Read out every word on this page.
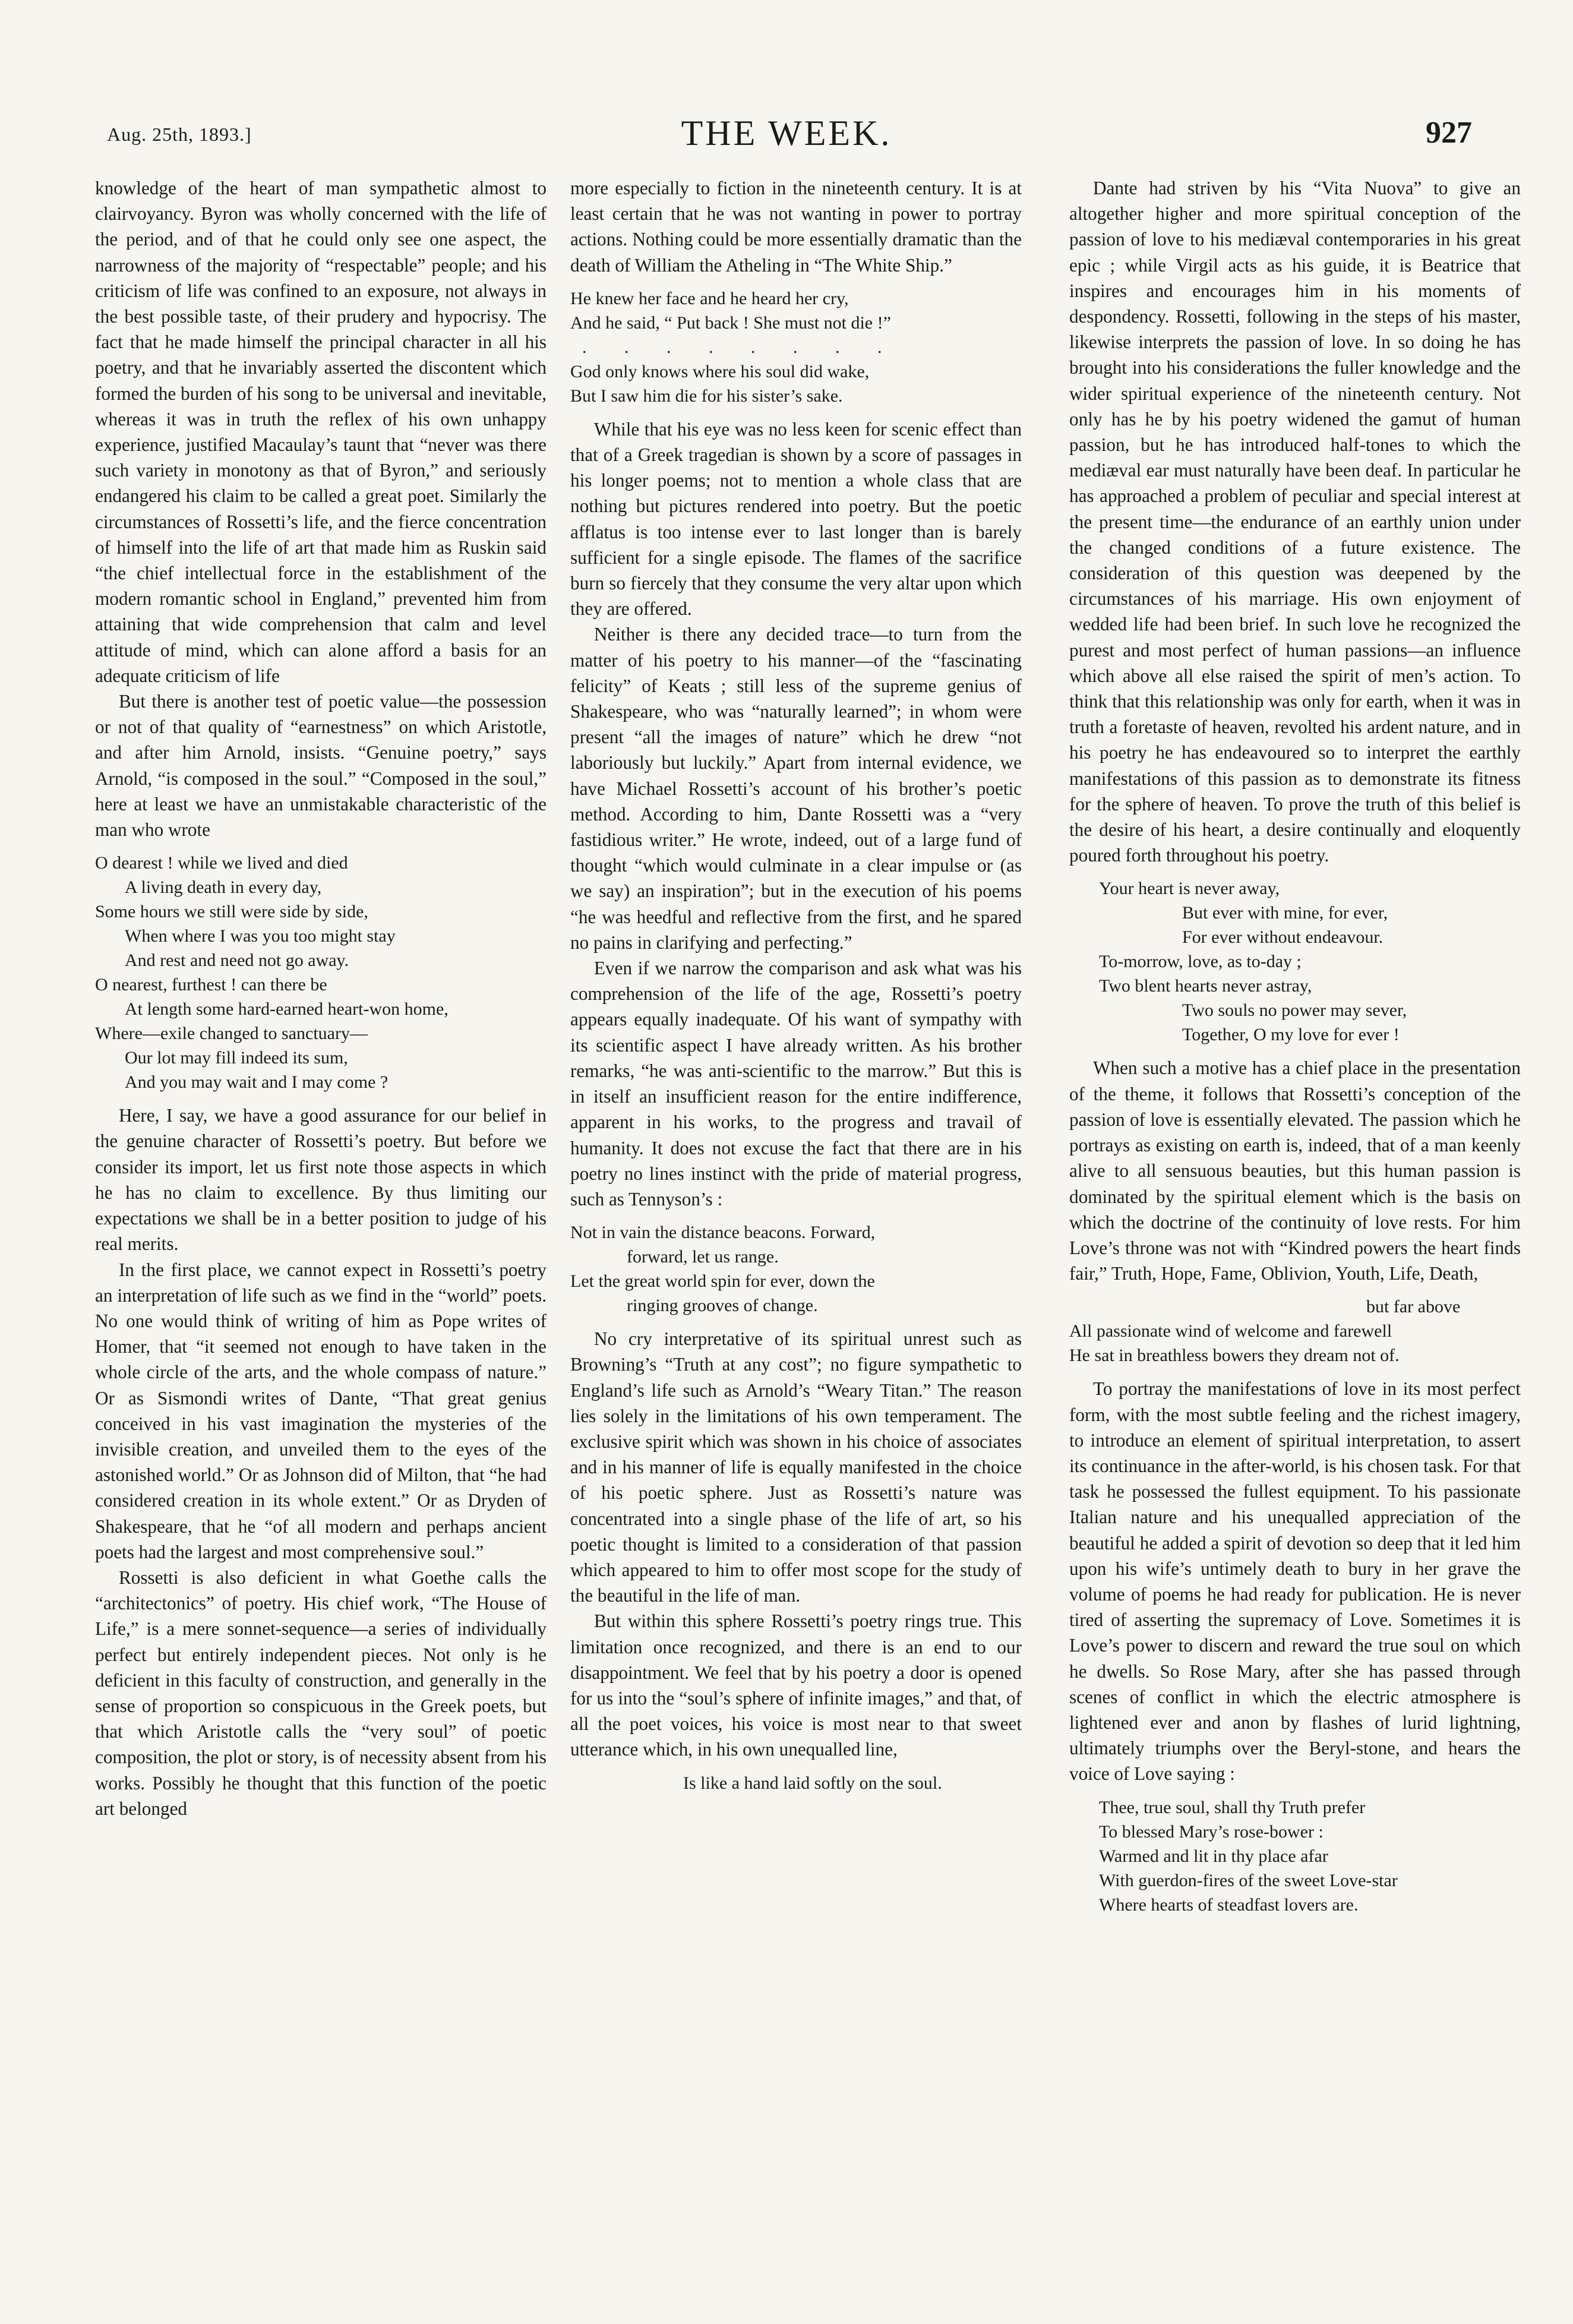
Aug. 25th, 1893.]	THE WEEK.	927

knowledge of the heart of man sympathetic almost to clairvoyancy. Byron was wholly concerned with the life of the period, and of that he could only see one aspect, the narrowness of the majority of “respectable” people; and his criticism of life was confined to an exposure, not always in the best possible taste, of their prudery and hypocrisy. The fact that he made himself the principal character in all his poetry, and that he invariably asserted the discontent which formed the burden of his song to be universal and inevitable, whereas it was in truth the reflex of his own unhappy experience, justified Macaulay’s taunt that “never was there such variety in monotony as that of Byron,” and seriously endangered his claim to be called a great poet. Similarly the circumstances of Rossetti’s life, and the fierce concentration of himself into the life of art that made him as Ruskin said “the chief intellectual force in the establishment of the modern romantic school in England,” prevented him from attaining that wide comprehension that calm and level attitude of mind, which can alone afford a basis for an adequate criticism of life

But there is another test of poetic value—the possession or not of that quality of “earnestness” on which Aristotle, and after him Arnold, insists. “Genuine poetry,” says Arnold, “is composed in the soul.” “Composed in the soul,” here at least we have an unmistakable characteristic of the man who wrote

O dearest ! while we lived and died
A living death in every day,
Some hours we still were side by side,
When where I was you too might stay
And rest and need not go away.
O nearest, furthest ! can there be
At length some hard-earned heart-won home,
Where—exile changed to sanctuary—
Our lot may fill indeed its sum,
And you may wait and I may come ?

Here, I say, we have a good assurance for our belief in the genuine character of Rossetti’s poetry. But before we consider its import, let us first note those aspects in which he has no claim to excellence. By thus limiting our expectations we shall be in a better position to judge of his real merits.

In the first place, we cannot expect in Rossetti’s poetry an interpretation of life such as we find in the “world” poets. No one would think of writing of him as Pope writes of Homer, that “it seemed not enough to have taken in the whole circle of the arts, and the whole compass of nature.” Or as Sismondi writes of Dante, “That great genius conceived in his vast imagination the mysteries of the invisible creation, and unveiled them to the eyes of the astonished world.” Or as Johnson did of Milton, that “he had considered creation in its whole extent.” Or as Dryden of Shakespeare, that he “of all modern and perhaps ancient poets had the largest and most comprehensive soul.”

Rossetti is also deficient in what Goethe calls the “architectonics” of poetry. His chief work, “The House of Life,” is a mere sonnet-sequence—a series of individually perfect but entirely independent pieces. Not only is he deficient in this faculty of construction, and generally in the sense of proportion so conspicuous in the Greek poets, but that which Aristotle calls the “very soul” of poetic composition, the plot or story, is of necessity absent from his works. Possibly he thought that this function of the poetic art belonged

more especially to fiction in the nineteenth century. It is at least certain that he was not wanting in power to portray actions. Nothing could be more essentially dramatic than the death of William the Atheling in “The White Ship.”

He knew her face and he heard her cry,
And he said, “ Put back ! She must not die !”
. . . . . . . .
God only knows where his soul did wake,
But I saw him die for his sister’s sake.

While that his eye was no less keen for scenic effect than that of a Greek tragedian is shown by a score of passages in his longer poems; not to mention a whole class that are nothing but pictures rendered into poetry. But the poetic afflatus is too intense ever to last longer than is barely sufficient for a single episode. The flames of the sacrifice burn so fiercely that they consume the very altar upon which they are offered.

Neither is there any decided trace—to turn from the matter of his poetry to his manner—of the “fascinating felicity” of Keats ; still less of the supreme genius of Shakespeare, who was “naturally learned”; in whom were present “all the images of nature” which he drew “not laboriously but luckily.” Apart from internal evidence, we have Michael Rossetti’s account of his brother’s poetic method. According to him, Dante Rossetti was a “very fastidious writer.” He wrote, indeed, out of a large fund of thought “which would culminate in a clear impulse or (as we say) an inspiration”; but in the execution of his poems “he was heedful and reflective from the first, and he spared no pains in clarifying and perfecting.”

Even if we narrow the comparison and ask what was his comprehension of the life of the age, Rossetti’s poetry appears equally inadequate. Of his want of sympathy with its scientific aspect I have already written. As his brother remarks, “he was anti-scientific to the marrow.” But this is in itself an insufficient reason for the entire indifference, apparent in his works, to the progress and travail of humanity. It does not excuse the fact that there are in his poetry no lines instinct with the pride of material progress, such as Tennyson’s :

Not in vain the distance beacons. Forward,
forward, let us range.
Let the great world spin for ever, down the
ringing grooves of change.

No cry interpretative of its spiritual unrest such as Browning’s “Truth at any cost”; no figure sympathetic to England’s life such as Arnold’s “Weary Titan.” The reason lies solely in the limitations of his own temperament. The exclusive spirit which was shown in his choice of associates and in his manner of life is equally manifested in the choice of his poetic sphere. Just as Rossetti’s nature was concentrated into a single phase of the life of art, so his poetic thought is limited to a consideration of that passion which appeared to him to offer most scope for the study of the beautiful in the life of man.

But within this sphere Rossetti’s poetry rings true. This limitation once recognized, and there is an end to our disappointment. We feel that by his poetry a door is opened for us into the “soul’s sphere of infinite images,” and that, of all the poet voices, his voice is most near to that sweet utterance which, in his own unequalled line,

Is like a hand laid softly on the soul.

Dante had striven by his “Vita Nuova” to give an altogether higher and more spiritual conception of the passion of love to his mediæval contemporaries in his great epic ; while Virgil acts as his guide, it is Beatrice that inspires and encourages him in his moments of despondency. Rossetti, following in the steps of his master, likewise interprets the passion of love. In so doing he has brought into his considerations the fuller knowledge and the wider spiritual experience of the nineteenth century. Not only has he by his poetry widened the gamut of human passion, but he has introduced half-tones to which the mediæval ear must naturally have been deaf. In particular he has approached a problem of peculiar and special interest at the present time—the endurance of an earthly union under the changed conditions of a future existence. The consideration of this question was deepened by the circumstances of his marriage. His own enjoyment of wedded life had been brief. In such love he recognized the purest and most perfect of human passions—an influence which above all else raised the spirit of men’s action. To think that this relationship was only for earth, when it was in truth a foretaste of heaven, revolted his ardent nature, and in his poetry he has endeavoured so to interpret the earthly manifestations of this passion as to demonstrate its fitness for the sphere of heaven. To prove the truth of this belief is the desire of his heart, a desire continually and eloquently poured forth throughout his poetry.

Your heart is never away,
But ever with mine, for ever,
For ever without endeavour.
To-morrow, love, as to-day ;
Two blent hearts never astray,
Two souls no power may sever,
Together, O my love for ever !

When such a motive has a chief place in the presentation of the theme, it follows that Rossetti’s conception of the passion of love is essentially elevated. The passion which he portrays as existing on earth is, indeed, that of a man keenly alive to all sensuous beauties, but this human passion is dominated by the spiritual element which is the basis on which the doctrine of the continuity of love rests. For him Love’s throne was not with “Kindred powers the heart finds fair,” Truth, Hope, Fame, Oblivion, Youth, Life, Death,

but far above
All passionate wind of welcome and farewell
He sat in breathless bowers they dream not of.

To portray the manifestations of love in its most perfect form, with the most subtle feeling and the richest imagery, to introduce an element of spiritual interpretation, to assert its continuance in the after-world, is his chosen task. For that task he possessed the fullest equipment. To his passionate Italian nature and his unequalled appreciation of the beautiful he added a spirit of devotion so deep that it led him upon his wife’s untimely death to bury in her grave the volume of poems he had ready for publication. He is never tired of asserting the supremacy of Love. Sometimes it is Love’s power to discern and reward the true soul on which he dwells. So Rose Mary, after she has passed through scenes of conflict in which the electric atmosphere is lightened ever and anon by flashes of lurid lightning, ultimately triumphs over the Beryl-stone, and hears the voice of Love saying :

Thee, true soul, shall thy Truth prefer
To blessed Mary’s rose-bower :
Warmed and lit in thy place afar
With guerdon-fires of the sweet Love-star
Where hearts of steadfast lovers are.
